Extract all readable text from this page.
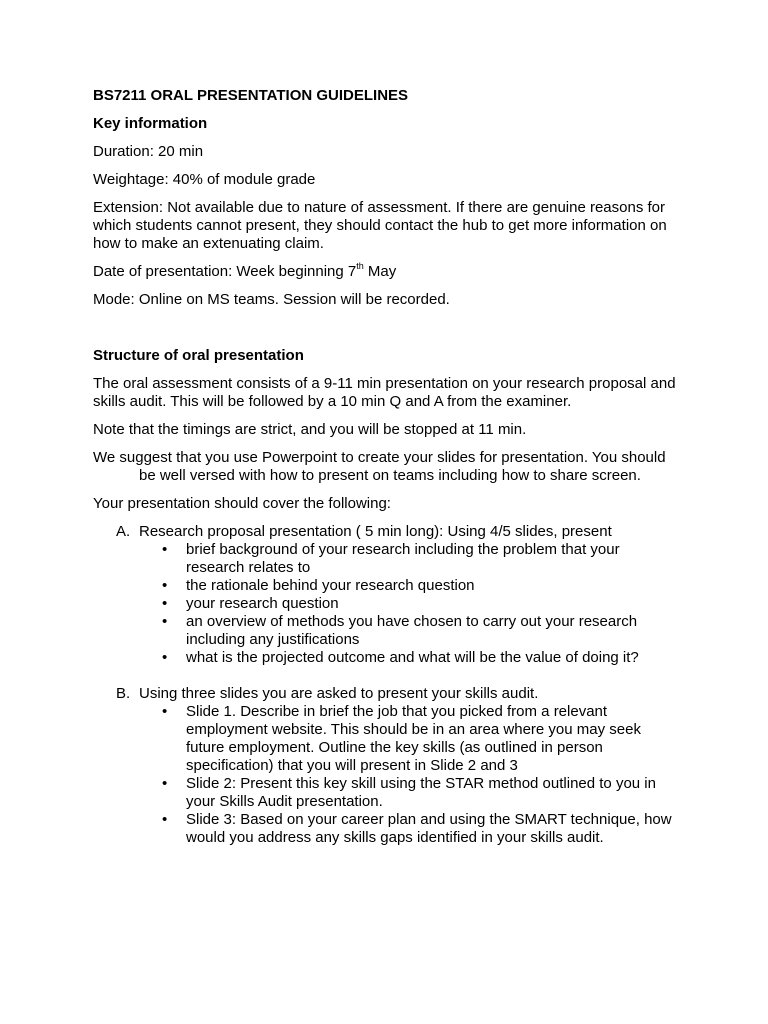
BS7211 ORAL PRESENTATION GUIDELINES
Key information

Duration: 20 min

Weightage: 40% of module grade

Extension: Not available due to nature of assessment. If there are genuine reasons for which students cannot present, they should contact the hub to get more information on how to make an extenuating claim.

Date of presentation: Week beginning 7th May

Mode: Online on MS teams. Session will be recorded.

Structure of oral presentation

The oral assessment consists of a 9-11 min presentation on your research proposal and skills audit. This will be followed by a 10 min Q and A from the examiner.

Note that the timings are strict, and you will be stopped at 11 min.

We suggest that you use Powerpoint to create your slides for presentation. You should be well versed with how to present on teams including how to share screen.

Your presentation should cover the following:

A. Research proposal presentation ( 5 min long): Using 4/5 slides, present
• brief background of your research including the problem that your research relates to
• the rationale behind your research question
• your research question
• an overview of methods you have chosen to carry out your research including any justifications
• what is the projected outcome and what will be the value of doing it?
B. Using three slides you are asked to present your skills audit.
• Slide 1. Describe in brief the job that you picked from a relevant employment website. This should be in an area where you may seek future employment. Outline the key skills (as outlined in person specification) that you will present in Slide 2 and 3
• Slide 2: Present this key skill using the STAR method outlined to you in your Skills Audit presentation.
• Slide 3: Based on your career plan and using the SMART technique, how would you address any skills gaps identified in your skills audit.
